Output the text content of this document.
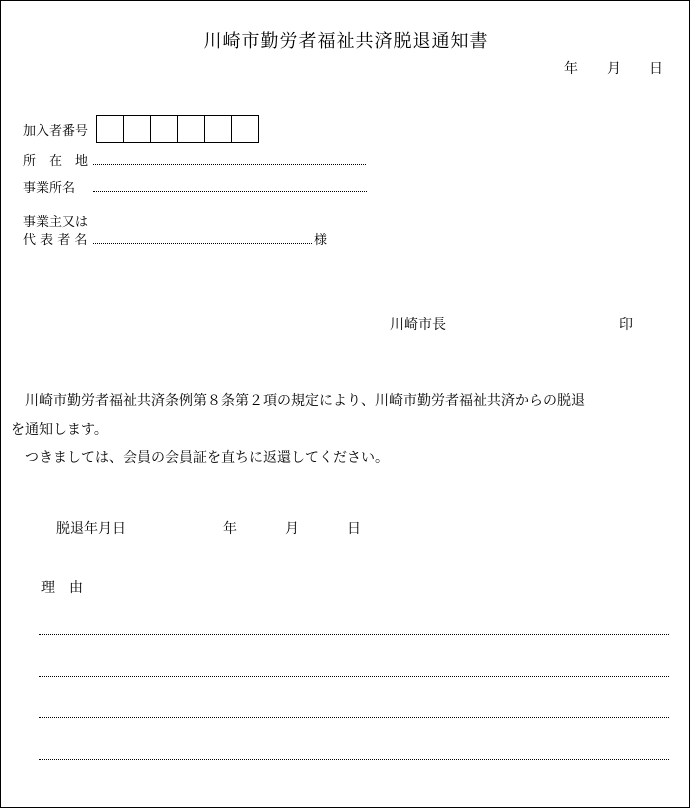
川崎市勤労者福祉共済脱退通知書
年 月 日
加入者番号
所　在　地
事業所名
事業主又は
代 表 者 名	様
川崎市長	印
川崎市勤労者福祉共済条例第８条第２項の規定により、川崎市勤労者福祉共済からの脱退
を通知します。
つきましては、会員の会員証を直ちに返還してください。
脱退年月日	年	月	日
理　由
